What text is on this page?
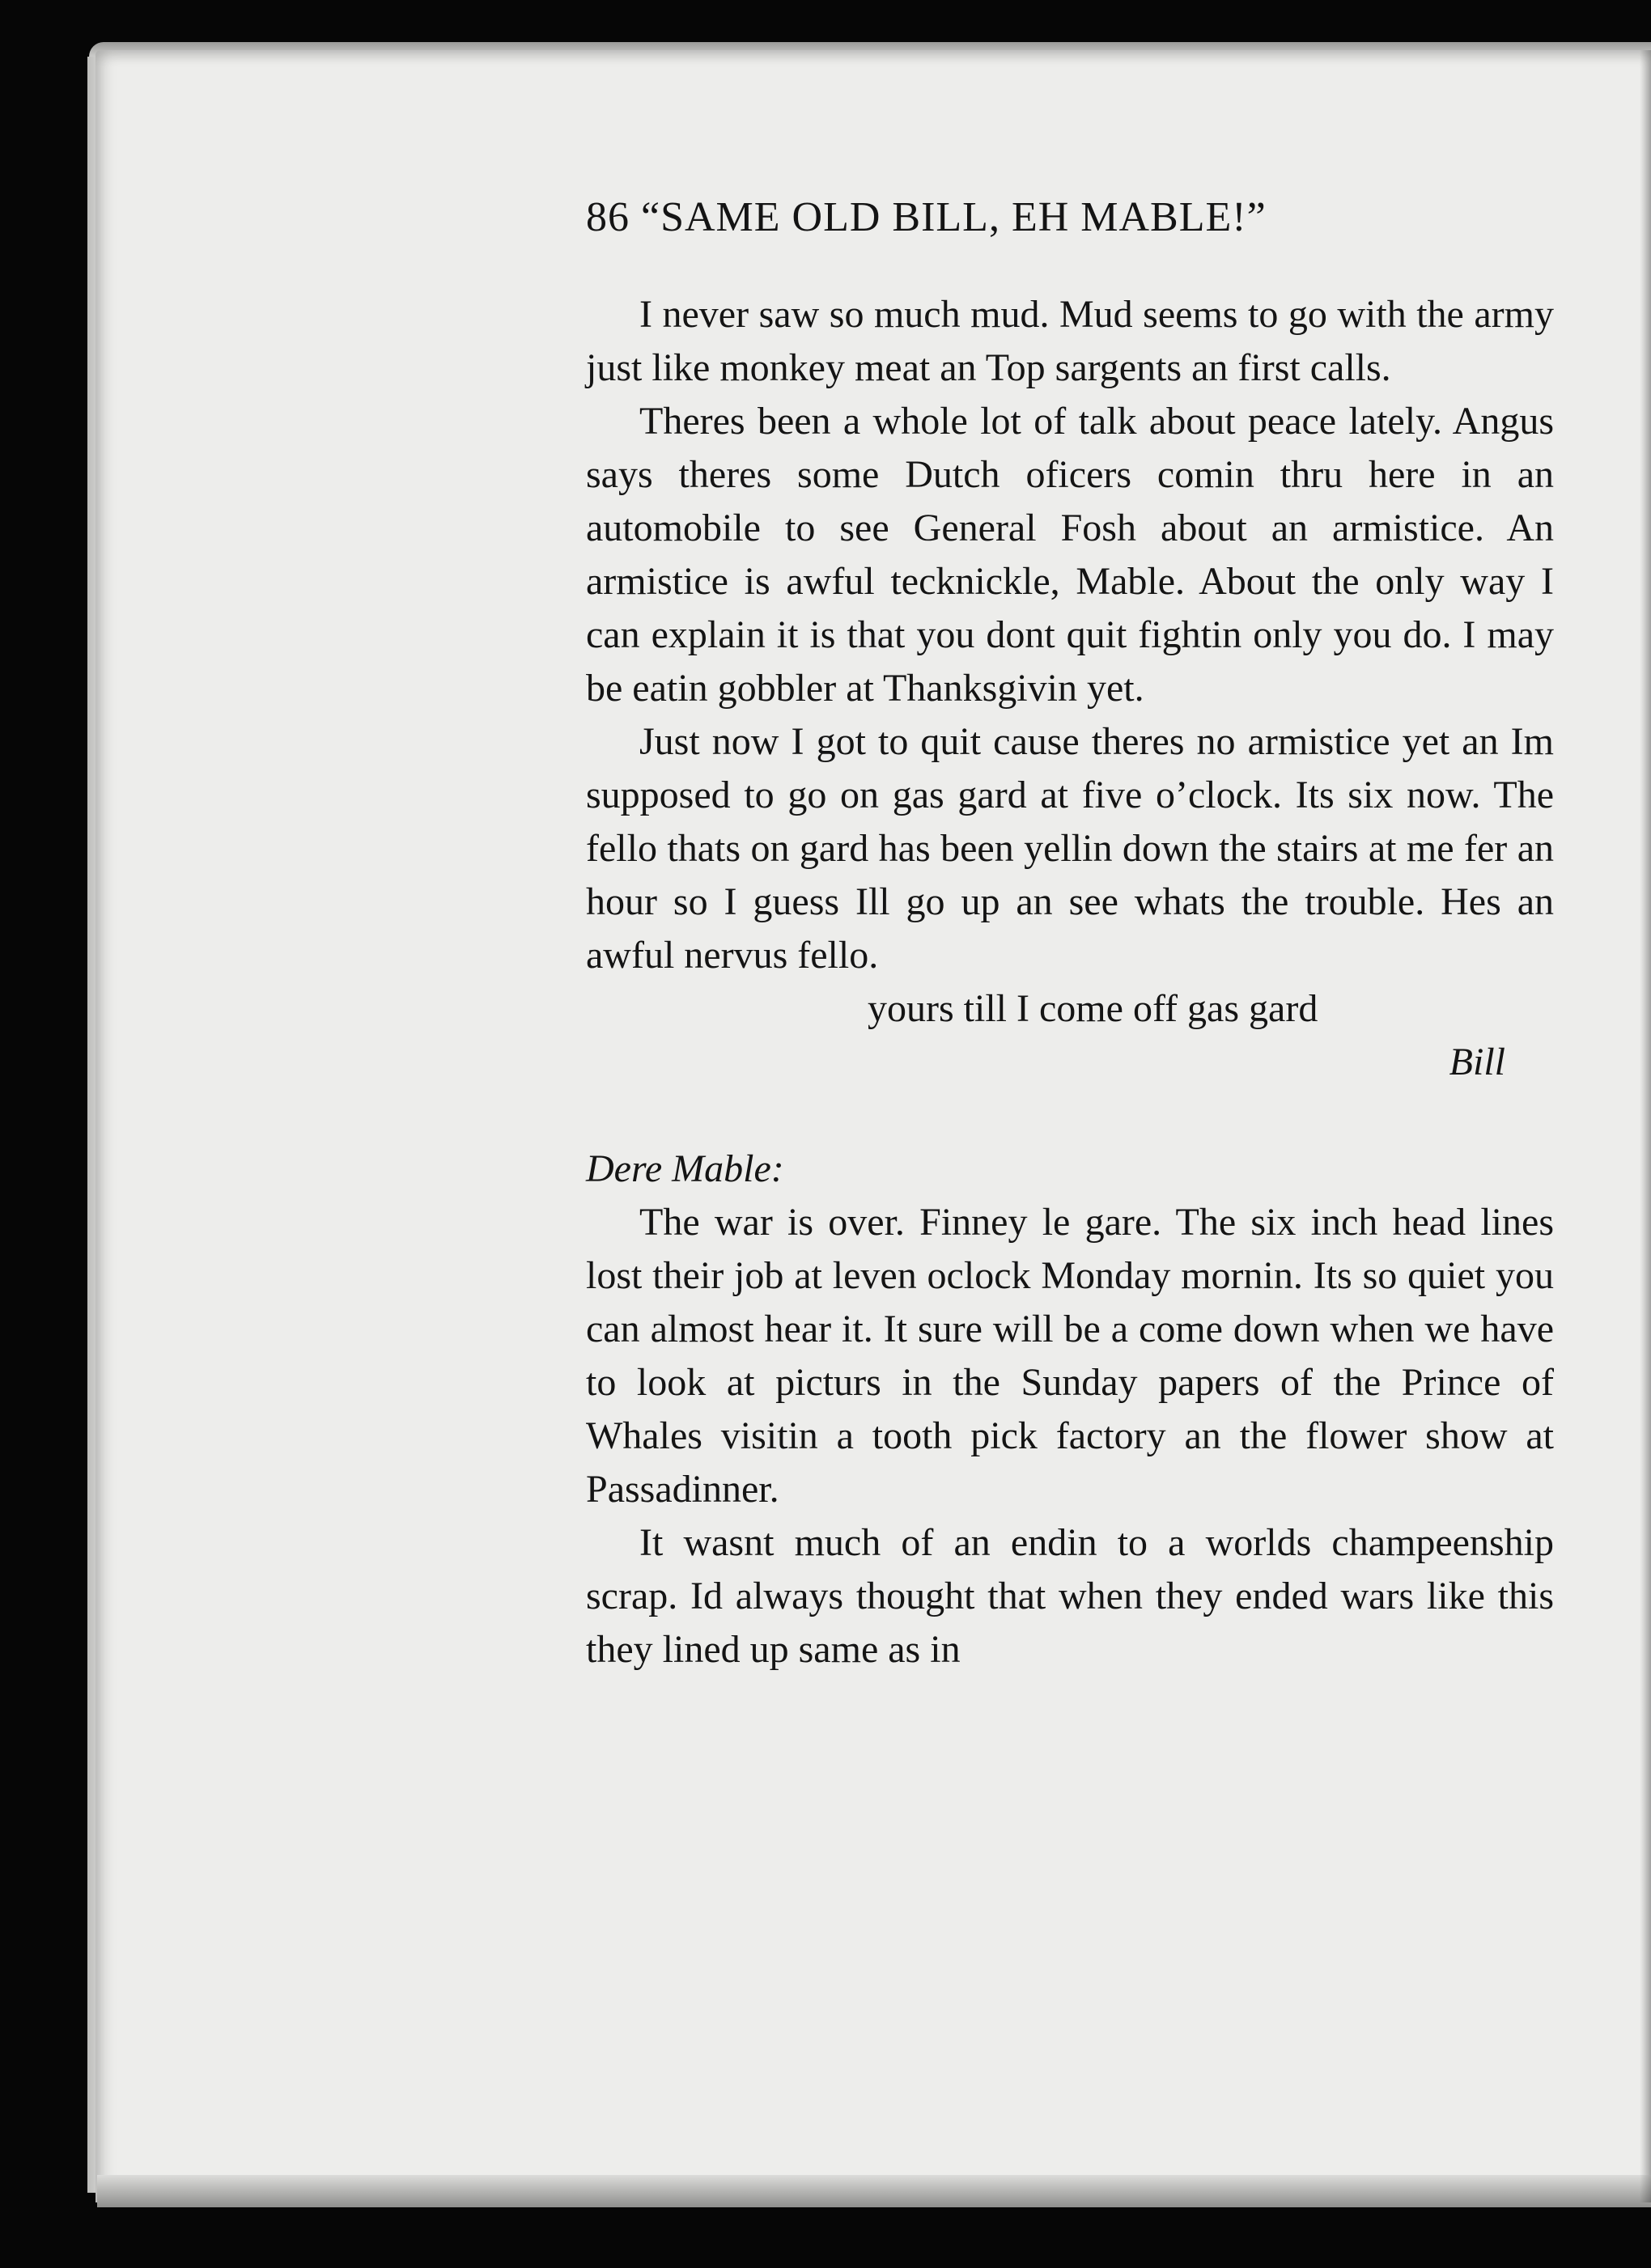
86 “SAME OLD BILL, EH MABLE!”

I never saw so much mud. Mud seems to go with the army just like monkey meat an Top sargents an first calls.

Theres been a whole lot of talk about peace lately. Angus says theres some Dutch oficers comin thru here in an automobile to see General Fosh about an armistice. An armistice is awful tecknickle, Mable. About the only way I can explain it is that you dont quit fightin only you do. I may be eatin gobbler at Thanksgivin yet.

Just now I got to quit cause theres no armistice yet an Im supposed to go on gas gard at five o’clock. Its six now. The fello thats on gard has been yellin down the stairs at me fer an hour so I guess Ill go up an see whats the trouble. Hes an awful nervus fello.

yours till I come off gas gard
Bill
Dere Mable:

The war is over. Finney le gare. The six inch head lines lost their job at leven oclock Monday mornin. Its so quiet you can almost hear it. It sure will be a come down when we have to look at picturs in the Sunday papers of the Prince of Whales visitin a tooth pick factory an the flower show at Passadinner.

It wasnt much of an endin to a worlds champeenship scrap. Id always thought that when they ended wars like this they lined up same as in
